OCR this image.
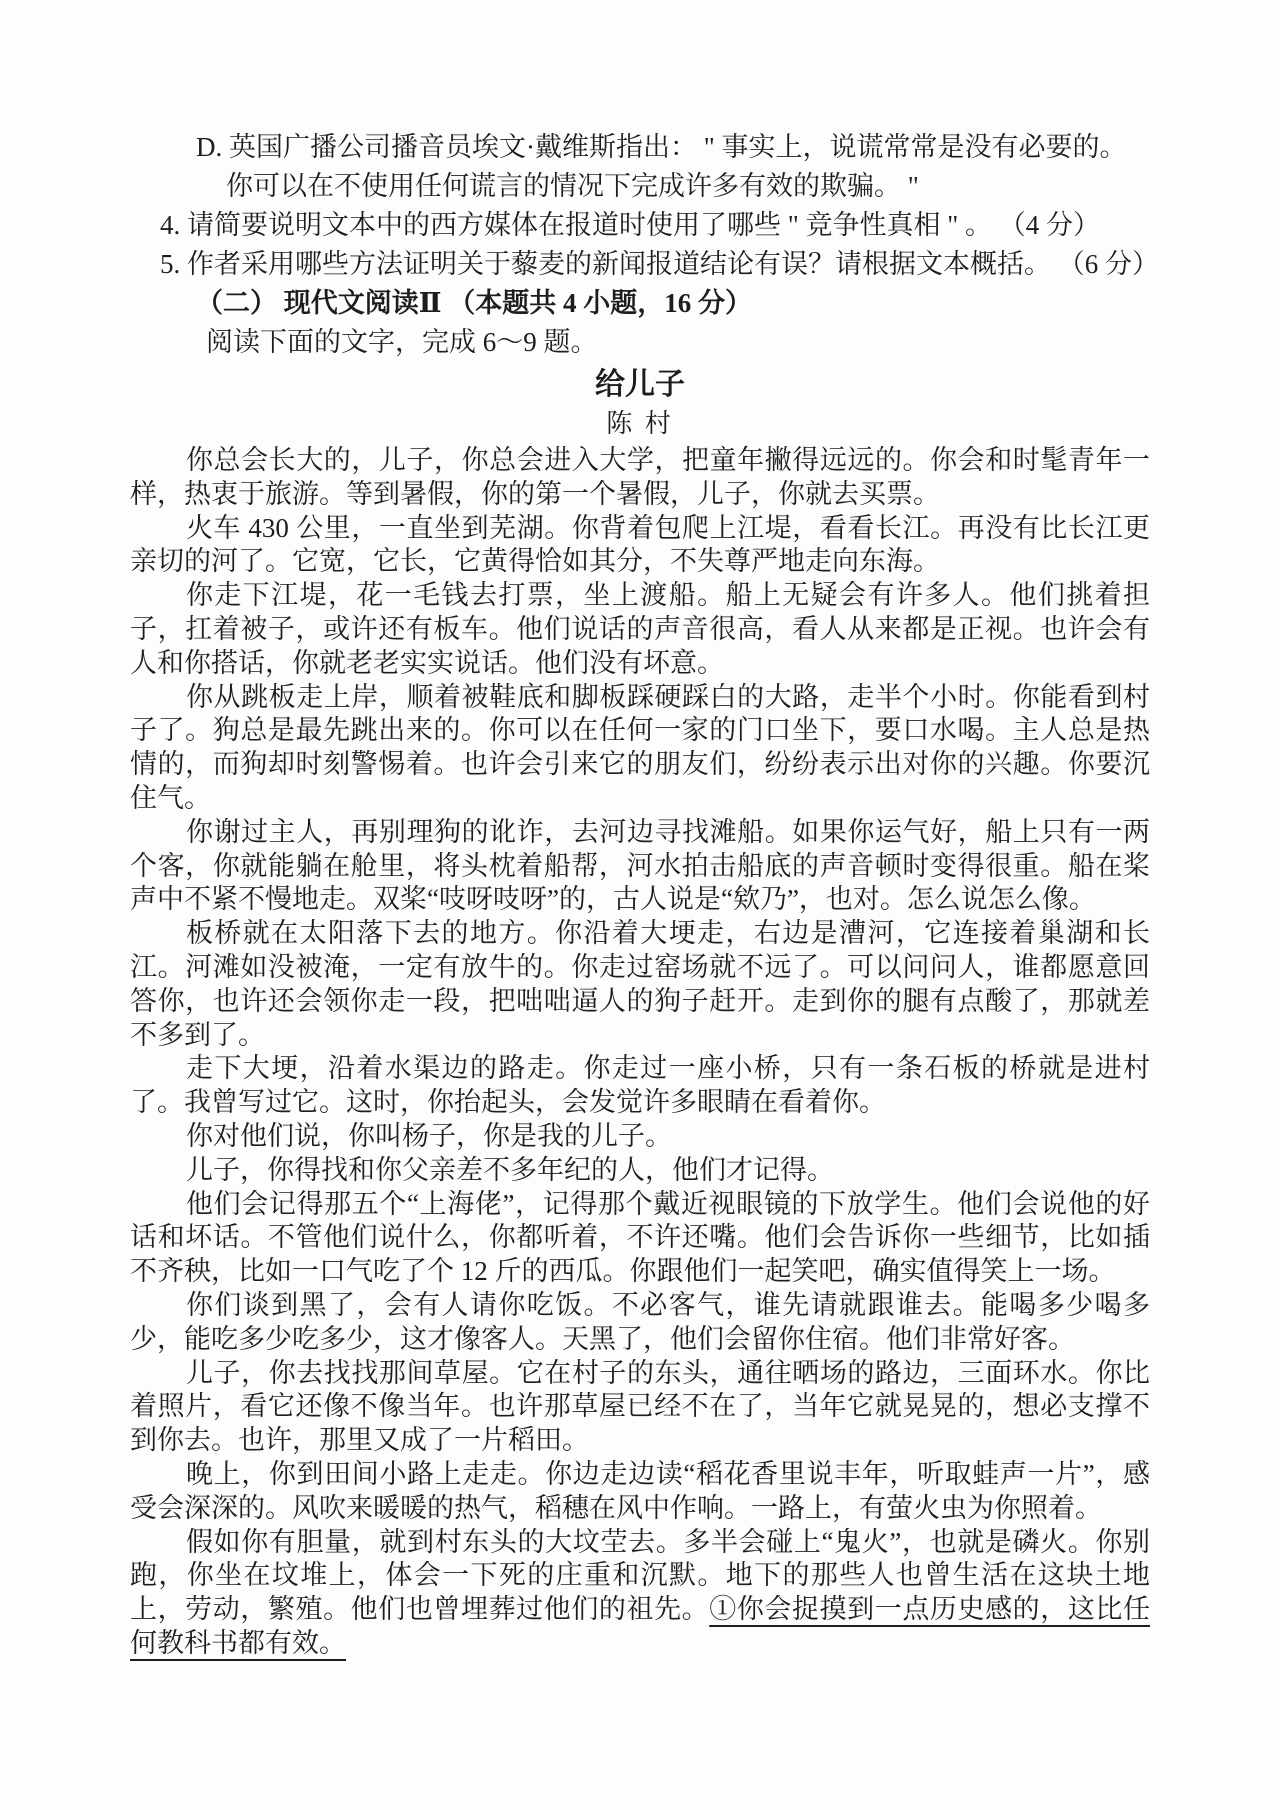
D. 英国广播公司播音员埃文·戴维斯指出： " 事实上，说谎常常是没有必要的。
你可以在不使用任何谎言的情况下完成许多有效的欺骗。 "
4. 请简要说明文本中的西方媒体在报道时使用了哪些 " 竞争性真相 " 。 （4 分）
5. 作者采用哪些方法证明关于藜麦的新闻报道结论有误？请根据文本概括。 （6 分）
（二） 现代文阅读Ⅱ （本题共 4 小题，16 分）
阅读下面的文字，完成 6～9 题。
给儿子
陈 村

你总会长大的，儿子，你总会进入大学，把童年撇得远远的。你会和时髦青年一样，热衷于旅游。等到暑假，你的第一个暑假，儿子，你就去买票。

火车 430 公里，一直坐到芜湖。你背着包爬上江堤，看看长江。再没有比长江更亲切的河了。它宽，它长，它黄得恰如其分，不失尊严地走向东海。

你走下江堤，花一毛钱去打票，坐上渡船。船上无疑会有许多人。他们挑着担子，扛着被子，或许还有板车。他们说话的声音很高，看人从来都是正视。也许会有人和你搭话，你就老老实实说话。他们没有坏意。

你从跳板走上岸，顺着被鞋底和脚板踩硬踩白的大路，走半个小时。你能看到村子了。狗总是最先跳出来的。你可以在任何一家的门口坐下，要口水喝。主人总是热情的，而狗却时刻警惕着。也许会引来它的朋友们，纷纷表示出对你的兴趣。你要沉住气。

你谢过主人，再别理狗的讹诈，去河边寻找滩船。如果你运气好，船上只有一两个客，你就能躺在舱里，将头枕着船帮，河水拍击船底的声音顿时变得很重。船在桨声中不紧不慢地走。双桨“吱呀吱呀”的，古人说是“欸乃”，也对。怎么说怎么像。

板桥就在太阳落下去的地方。你沿着大埂走，右边是漕河，它连接着巢湖和长江。河滩如没被淹，一定有放牛的。你走过窑场就不远了。可以问问人，谁都愿意回答你，也许还会领你走一段，把咄咄逼人的狗子赶开。走到你的腿有点酸了，那就差不多到了。

走下大埂，沿着水渠边的路走。你走过一座小桥，只有一条石板的桥就是进村了。我曾写过它。这时，你抬起头，会发觉许多眼睛在看着你。

你对他们说，你叫杨子，你是我的儿子。

儿子，你得找和你父亲差不多年纪的人，他们才记得。

他们会记得那五个“上海佬”，记得那个戴近视眼镜的下放学生。他们会说他的好话和坏话。不管他们说什么，你都听着，不许还嘴。他们会告诉你一些细节，比如插不齐秧，比如一口气吃了个 12 斤的西瓜。你跟他们一起笑吧，确实值得笑上一场。

你们谈到黑了，会有人请你吃饭。不必客气，谁先请就跟谁去。能喝多少喝多少，能吃多少吃多少，这才像客人。天黑了，他们会留你住宿。他们非常好客。

儿子，你去找找那间草屋。它在村子的东头，通往晒场的路边，三面环水。你比着照片，看它还像不像当年。也许那草屋已经不在了，当年它就晃晃的，想必支撑不到你去。也许，那里又成了一片稻田。

晚上，你到田间小路上走走。你边走边读“稻花香里说丰年，听取蛙声一片”，感受会深深的。风吹来暖暖的热气，稻穗在风中作响。一路上，有萤火虫为你照着。

假如你有胆量，就到村东头的大坟茔去。多半会碰上“鬼火”，也就是磷火。你别跑，你坐在坟堆上，体会一下死的庄重和沉默。地下的那些人也曾生活在这块土地上，劳动，繁殖。他们也曾埋葬过他们的祖先。①你会捉摸到一点历史感的，这比任何教科书都有效。
